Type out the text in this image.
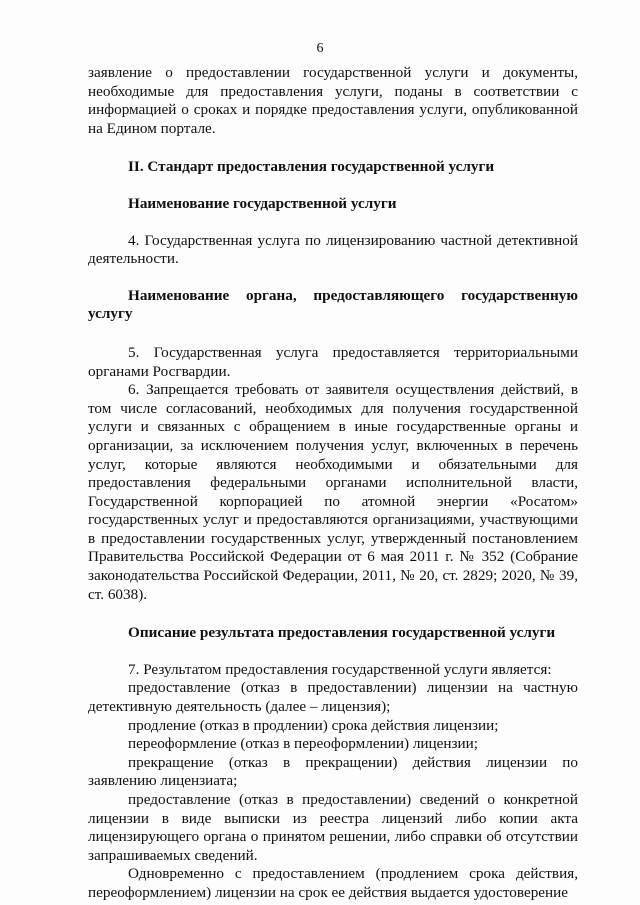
6

заявление о предоставлении государственной услуги и документы, необходимые для предоставления услуги, поданы в соответствии с информацией о сроках и порядке предоставления услуги, опубликованной на Едином портале.

II. Стандарт предоставления государственной услуги

Наименование государственной услуги

4. Государственная услуга по лицензированию частной детективной деятельности.

Наименование органа, предоставляющего государственную услугу

5. Государственная услуга предоставляется территориальными органами Росгвардии.

6. Запрещается требовать от заявителя осуществления действий, в том числе согласований, необходимых для получения государственной услуги и связанных с обращением в иные государственные органы и организации, за исключением получения услуг, включенных в перечень услуг, которые являются необходимыми и обязательными для предоставления федеральными органами исполнительной власти, Государственной корпорацией по атомной энергии «Росатом» государственных услуг и предоставляются организациями, участвующими в предоставлении государственных услуг, утвержденный постановлением Правительства Российской Федерации от 6 мая 2011 г. № 352 (Собрание законодательства Российской Федерации, 2011, № 20, ст. 2829; 2020, № 39, ст. 6038).

Описание результата предоставления государственной услуги

7. Результатом предоставления государственной услуги является:

предоставление (отказ в предоставлении) лицензии на частную детективную деятельность (далее – лицензия);

продление (отказ в продлении) срока действия лицензии;

переоформление (отказ в переоформлении) лицензии;

прекращение (отказ в прекращении) действия лицензии по заявлению лицензиата;

предоставление (отказ в предоставлении) сведений о конкретной лицензии в виде выписки из реестра лицензий либо копии акта лицензирующего органа о принятом решении, либо справки об отсутствии запрашиваемых сведений.

Одновременно с предоставлением (продлением срока действия, переоформлением) лицензии на срок ее действия выдается удостоверение
